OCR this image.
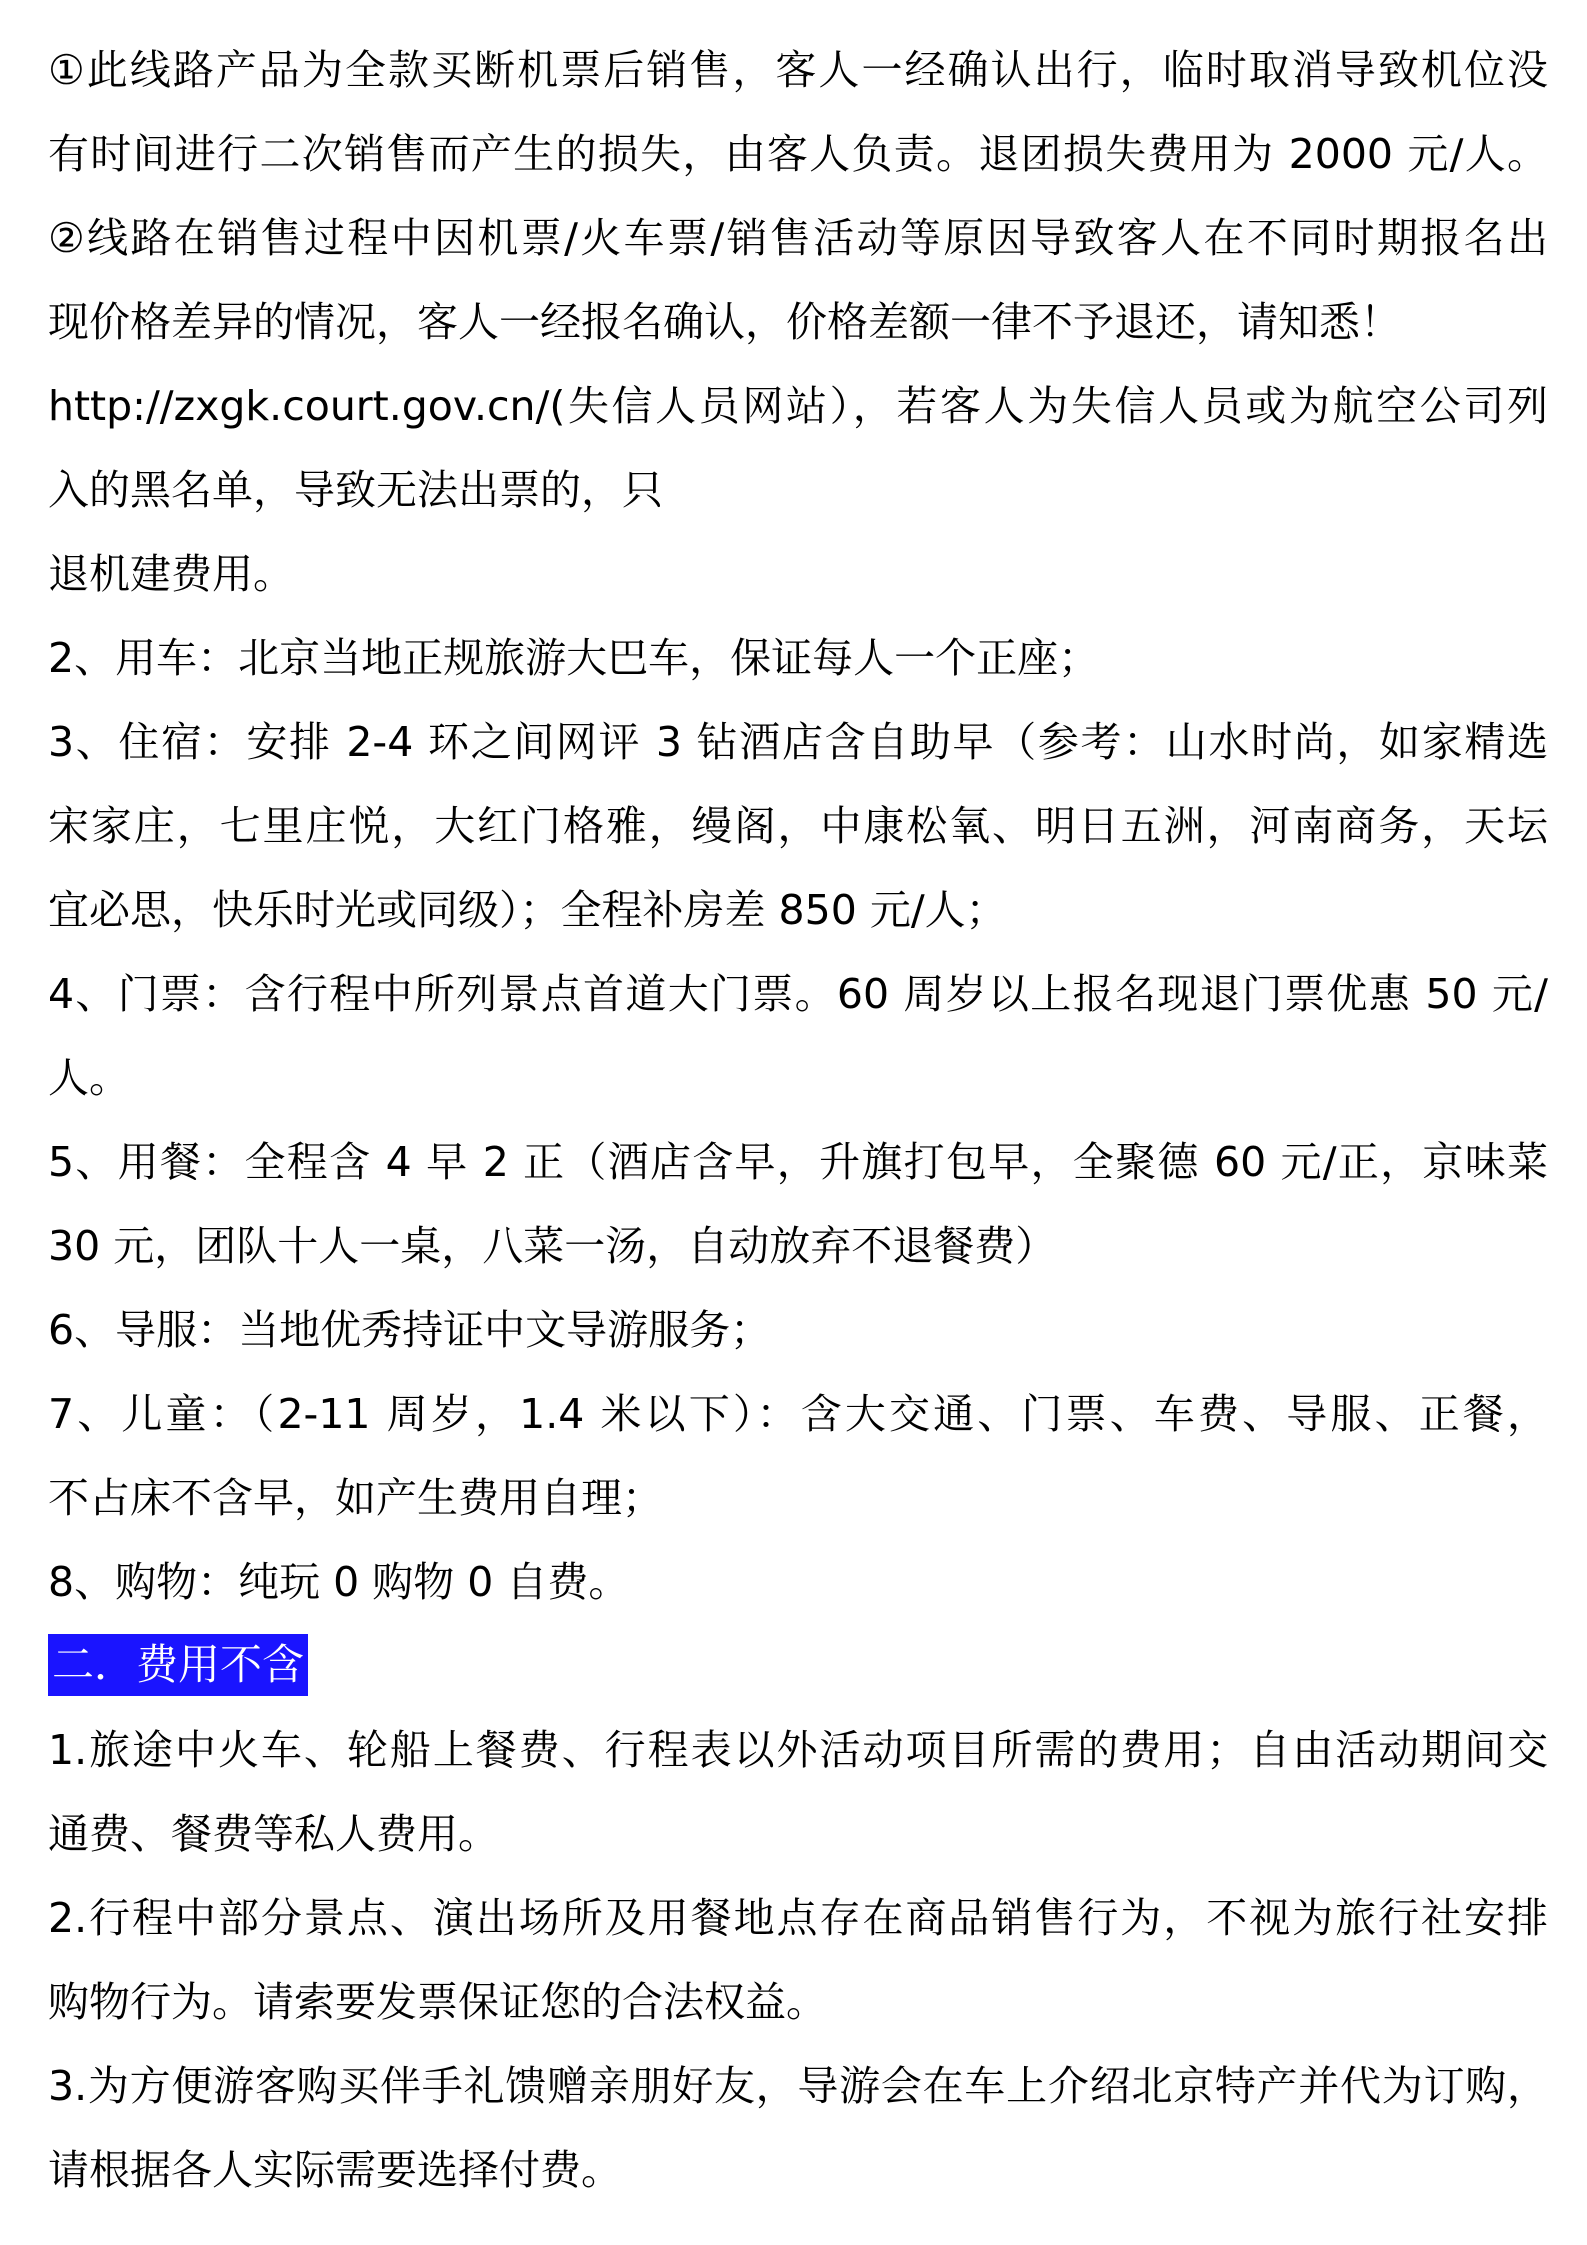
①此线路产品为全款买断机票后销售，客人一经确认出行，临时取消导致机位没
有时间进行二次销售而产生的损失，由客人负责。退团损失费用为 2000 元/人。
②线路在销售过程中因机票/火车票/销售活动等原因导致客人在不同时期报名出
现价格差异的情况，客人一经报名确认，价格差额一律不予退还，请知悉！
http://zxgk.court.gov.cn/(失信人员网站），若客人为失信人员或为航空公司列
入的黑名单，导致无法出票的，只
退机建费用。
2、用车：北京当地正规旅游大巴车，保证每人一个正座；
3、住宿：安排 2-4 环之间网评 3 钻酒店含自助早（参考：山水时尚，如家精选
宋家庄，七里庄悦，大红门格雅，缦阁，中康松氧、明日五洲，河南商务，天坛
宜必思，快乐时光或同级）；全程补房差 850 元/人；
4、门票：含行程中所列景点首道大门票。60 周岁以上报名现退门票优惠 50 元/
人。
5、用餐：全程含 4 早 2 正（酒店含早，升旗打包早，全聚德 60 元/正，京味菜
30 元，团队十人一桌，八菜一汤，自动放弃不退餐费）
6、导服：当地优秀持证中文导游服务；
7、儿童：（2-11 周岁，1.4 米以下）：含大交通、门票、车费、导服、正餐，
不占床不含早，如产生费用自理；
8、购物：纯玩 0 购物 0 自费。
二．费用不含
1.旅途中火车、轮船上餐费、行程表以外活动项目所需的费用；自由活动期间交
通费、餐费等私人费用。
2.行程中部分景点、演出场所及用餐地点存在商品销售行为，不视为旅行社安排
购物行为。请索要发票保证您的合法权益。
3.为方便游客购买伴手礼馈赠亲朋好友，导游会在车上介绍北京特产并代为订购，
请根据各人实际需要选择付费。
